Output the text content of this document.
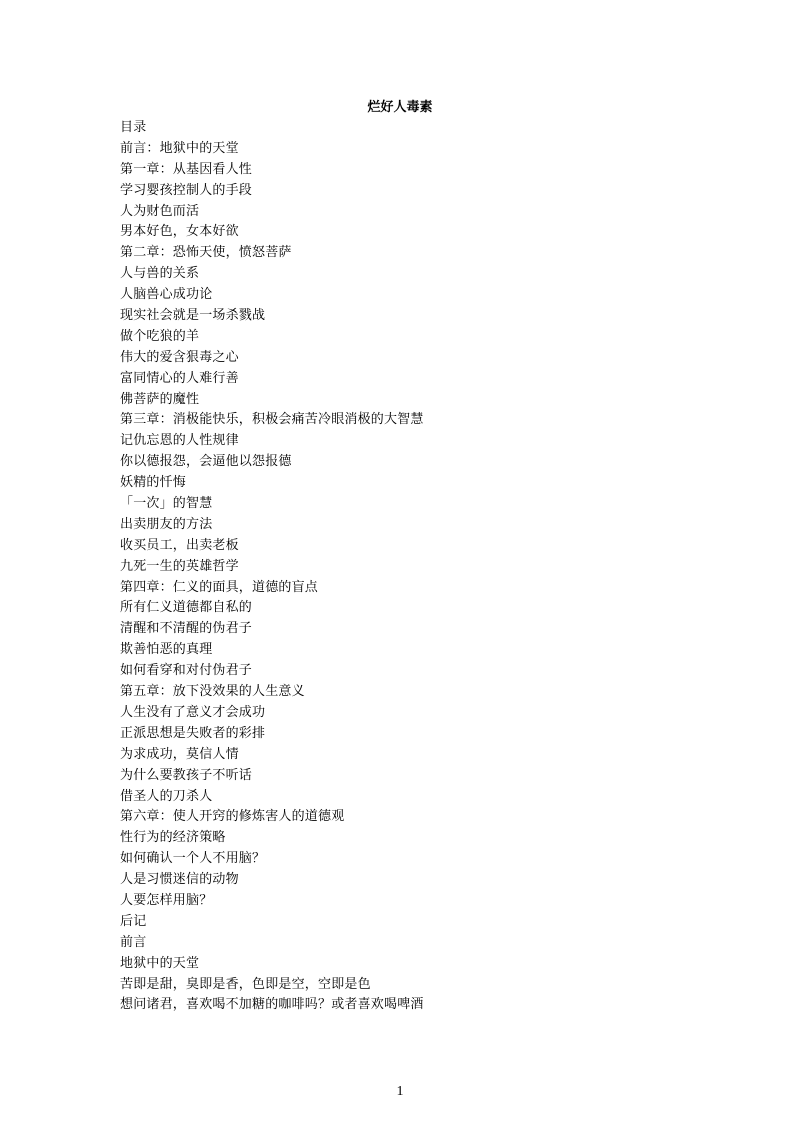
烂好人毒素
目录
前言：地狱中的天堂
第一章：从基因看人性
学习婴孩控制人的手段
人为财色而活
男本好色，女本好欲
第二章：恐怖天使，愤怒菩萨
人与兽的关系
人脑兽心成功论
现实社会就是一场杀戮战
做个吃狼的羊
伟大的爱含狠毒之心
富同情心的人难行善
佛菩萨的魔性
第三章：消极能快乐，积极会痛苦冷眼消极的大智慧
记仇忘恩的人性规律
你以德报怨，会逼他以怨报德
妖精的忏悔
「一次」的智慧
出卖朋友的方法
收买员工，出卖老板
九死一生的英雄哲学
第四章：仁义的面具，道德的盲点
所有仁义道德都自私的
清醒和不清醒的伪君子
欺善怕恶的真理
如何看穿和对付伪君子
第五章：放下没效果的人生意义
人生没有了意义才会成功
正派思想是失败者的彩排
为求成功，莫信人情
为什么要教孩子不听话
借圣人的刀杀人
第六章：使人开窍的修炼害人的道德观
性行为的经济策略
如何确认一个人不用脑？
人是习惯迷信的动物
人要怎样用脑？
后记
前言
地狱中的天堂
苦即是甜，臭即是香，色即是空，空即是色
想问诸君，喜欢喝不加糖的咖啡吗？或者喜欢喝啤酒
1
